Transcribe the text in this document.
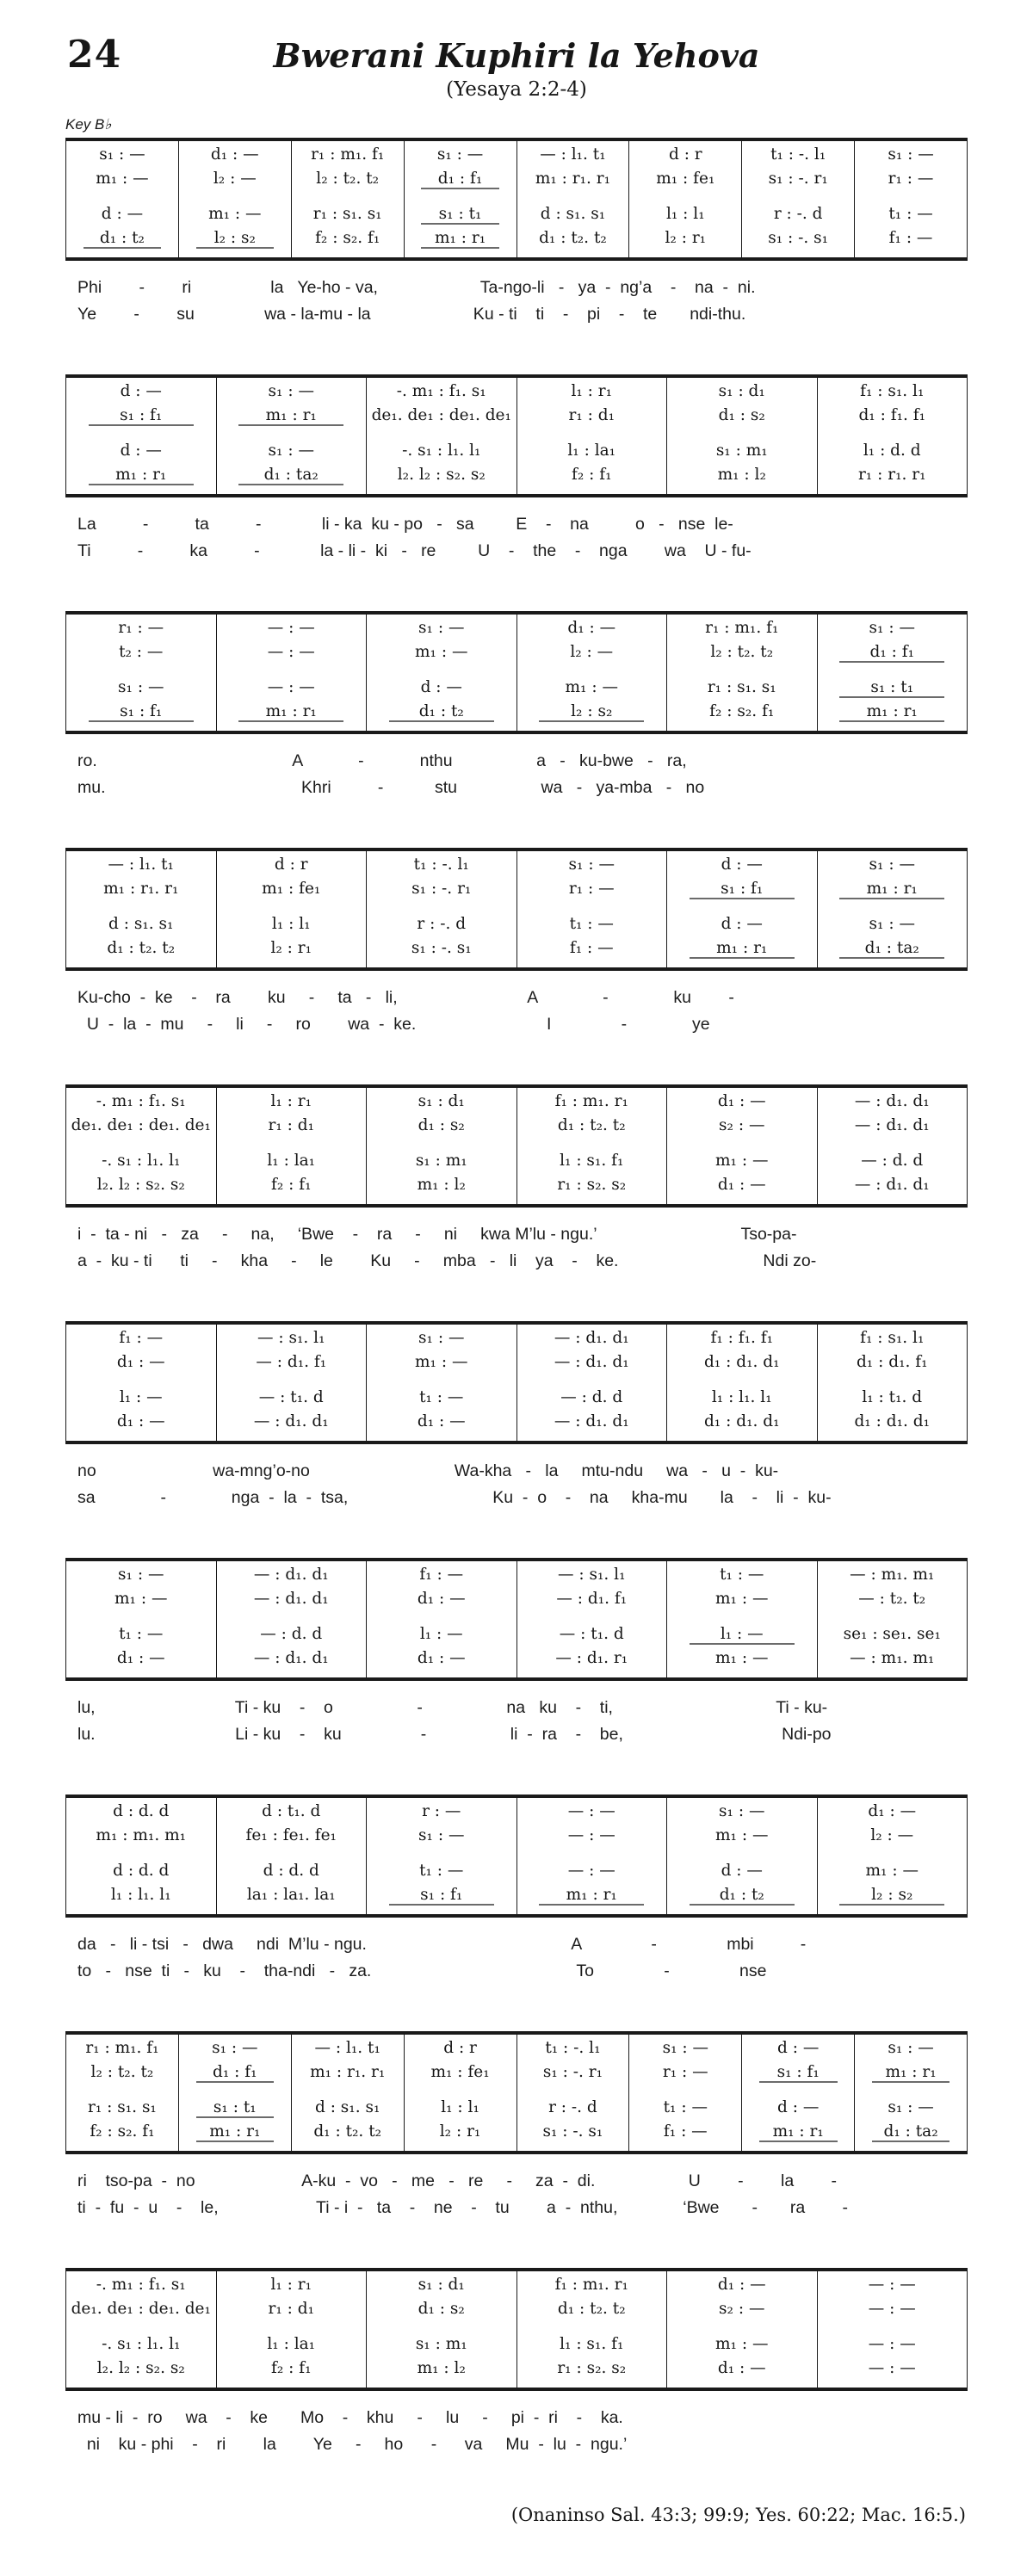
24	Bwerani Kuphiri la Yehova
(Yesaya 2:2-4)
Key B♭
s₁ : —
m₁ : —
d : —
d₁ : t₂
d₁ : —
l₂ : —
m₁ : —
l₂ : s₂
r₁ : m₁. f₁
l₂ : t₂. t₂
r₁ : s₁. s₁
f₂ : s₂. f₁
s₁ : —
d₁ : f₁
s₁ : t₁
m₁ : r₁
— : l₁. t₁
m₁ : r₁. r₁
d : s₁. s₁
d₁ : t₂. t₂
d : r
m₁ : fe₁
l₁ : l₁
l₂ : r₁
t₁ : -. l₁
s₁ : -. r₁
r : -. d
s₁ : -. s₁
s₁ : —
r₁ : —
t₁ : —
f₁ : —
Phi        -        ri                 la   Ye-ho - va,                      Ta-ngo-li   -   ya  -  ng’a    -    na  -  ni.
Ye        -        su               wa - la-mu - la                      Ku - ti    ti    -    pi    -    te       ndi-thu.
d : —
s₁ : f₁
d : —
m₁ : r₁
s₁ : —
m₁ : r₁
s₁ : —
d₁ : ta₂
-. m₁ : f₁. s₁
de₁. de₁ : de₁. de₁
-. s₁ : l₁. l₁
l₂. l₂ : s₂. s₂
l₁ : r₁
r₁ : d₁
l₁ : la₁
f₂ : f₁
s₁ : d₁
d₁ : s₂
s₁ : m₁
m₁ : l₂
f₁ : s₁. l₁
d₁ : f₁. f₁
l₁ : d. d
r₁ : r₁. r₁
La          -          ta          -             li - ka  ku - po   -   sa         E    -    na          o   -   nse  le-
Ti          -          ka          -             la - li -  ki   -   re         U    -    the    -    nga        wa    U - fu-
r₁ : —
t₂ : —
s₁ : —
s₁ : f₁
— : —
— : —
— : —
m₁ : r₁
s₁ : —
m₁ : —
d : —
d₁ : t₂
d₁ : —
l₂ : —
m₁ : —
l₂ : s₂
r₁ : m₁. f₁
l₂ : t₂. t₂
r₁ : s₁. s₁
f₂ : s₂. f₁
s₁ : —
d₁ : f₁
s₁ : t₁
m₁ : r₁
ro.                                          A            -            nthu                  a   -   ku-bwe   -   ra,
mu.                                          Khri          -           stu                  wa   -   ya-mba   -   no
— : l₁. t₁
m₁ : r₁. r₁
d : s₁. s₁
d₁ : t₂. t₂
d : r
m₁ : fe₁
l₁ : l₁
l₂ : r₁
t₁ : -. l₁
s₁ : -. r₁
r : -. d
s₁ : -. s₁
s₁ : —
r₁ : —
t₁ : —
f₁ : —
d : —
s₁ : f₁
d : —
m₁ : r₁
s₁ : —
m₁ : r₁
s₁ : —
d₁ : ta₂
Ku-cho  -  ke    -    ra        ku     -     ta   -   li,                            A              -              ku        -
U  -  la  -  mu     -     li     -     ro        wa  -  ke.                            I               -              ye
-. m₁ : f₁. s₁
de₁. de₁ : de₁. de₁
-. s₁ : l₁. l₁
l₂. l₂ : s₂. s₂
l₁ : r₁
r₁ : d₁
l₁ : la₁
f₂ : f₁
s₁ : d₁
d₁ : s₂
s₁ : m₁
m₁ : l₂
f₁ : m₁. r₁
d₁ : t₂. t₂
l₁ : s₁. f₁
r₁ : s₂. s₂
d₁ : —
s₂ : —
m₁ : —
d₁ : —
— : d₁. d₁
— : d₁. d₁
— : d. d
— : d₁. d₁
i  -  ta - ni   -   za     -     na,     ‘Bwe    -    ra     -     ni     kwa M’lu - ngu.’                               Tso-pa-
a  -  ku - ti      ti     -     kha     -     le        Ku     -     mba   -   li    ya    -    ke.                               Ndi zo-
f₁ : —
d₁ : —
l₁ : —
d₁ : —
— : s₁. l₁
— : d₁. f₁
— : t₁. d
— : d₁. d₁
s₁ : —
m₁ : —
t₁ : —
d₁ : —
— : d₁. d₁
— : d₁. d₁
— : d. d
— : d₁. d₁
f₁ : f₁. f₁
d₁ : d₁. d₁
l₁ : l₁. l₁
d₁ : d₁. d₁
f₁ : s₁. l₁
d₁ : d₁. f₁
l₁ : t₁. d
d₁ : d₁. d₁
no                         wa-mng’o-no                               Wa-kha   -   la     mtu-ndu     wa   -   u  -  ku-
sa              -              nga  -  la  -  tsa,                               Ku  -  o    -    na     kha-mu       la    -    li  -  ku-
s₁ : —
m₁ : —
t₁ : —
d₁ : —
— : d₁. d₁
— : d₁. d₁
— : d. d
— : d₁. d₁
f₁ : —
d₁ : —
l₁ : —
d₁ : —
— : s₁. l₁
— : d₁. f₁
— : t₁. d
— : d₁. r₁
t₁ : —
m₁ : —
l₁ : —
m₁ : —
— : m₁. m₁
— : t₂. t₂
se₁ : se₁. se₁
— : m₁. m₁
lu,                              Ti - ku    -    o                  -                  na   ku    -    ti,                                   Ti - ku-
lu.                              Li - ku    -    ku                 -                  li  -  ra    -    be,                                  Ndi-po
d : d. d
m₁ : m₁. m₁
d : d. d
l₁ : l₁. l₁
d : t₁. d
fe₁ : fe₁. fe₁
d : d. d
la₁ : la₁. la₁
r : —
s₁ : —
t₁ : —
s₁ : f₁
— : —
— : —
— : —
m₁ : r₁
s₁ : —
m₁ : —
d : —
d₁ : t₂
d₁ : —
l₂ : —
m₁ : —
l₂ : s₂
da   -   li - tsi   -   dwa     ndi  M’lu - ngu.                                            A               -               mbi          -
to   -   nse  ti   -   ku    -    tha-ndi   -   za.                                            To               -               nse
r₁ : m₁. f₁
l₂ : t₂. t₂
r₁ : s₁. s₁
f₂ : s₂. f₁
s₁ : —
d₁ : f₁
s₁ : t₁
m₁ : r₁
— : l₁. t₁
m₁ : r₁. r₁
d : s₁. s₁
d₁ : t₂. t₂
d : r
m₁ : fe₁
l₁ : l₁
l₂ : r₁
t₁ : -. l₁
s₁ : -. r₁
r : -. d
s₁ : -. s₁
s₁ : —
r₁ : —
t₁ : —
f₁ : —
d : —
s₁ : f₁
d : —
m₁ : r₁
s₁ : —
m₁ : r₁
s₁ : —
d₁ : ta₂
ri    tso-pa  -  no                       A-ku  -  vo   -   me   -   re     -     za  -  di.                    U        -        la        -
ti  -  fu  -  u    -    le,                     Ti - i  -   ta    -    ne    -    tu        a  -  nthu,              ‘Bwe       -       ra        -
-. m₁ : f₁. s₁
de₁. de₁ : de₁. de₁
-. s₁ : l₁. l₁
l₂. l₂ : s₂. s₂
l₁ : r₁
r₁ : d₁
l₁ : la₁
f₂ : f₁
s₁ : d₁
d₁ : s₂
s₁ : m₁
m₁ : l₂
f₁ : m₁. r₁
d₁ : t₂. t₂
l₁ : s₁. f₁
r₁ : s₂. s₂
d₁ : —
s₂ : —
m₁ : —
d₁ : —
— : —
— : —
— : —
— : —
mu - li  -  ro     wa    -    ke       Mo    -    khu     -     lu     -     pi  -  ri    -    ka.
ni    ku - phi    -    ri        la        Ye     -     ho      -      va     Mu  -  lu  -  ngu.’
(Onaninso Sal. 43:3; 99:9; Yes. 60:22; Mac. 16:5.)
